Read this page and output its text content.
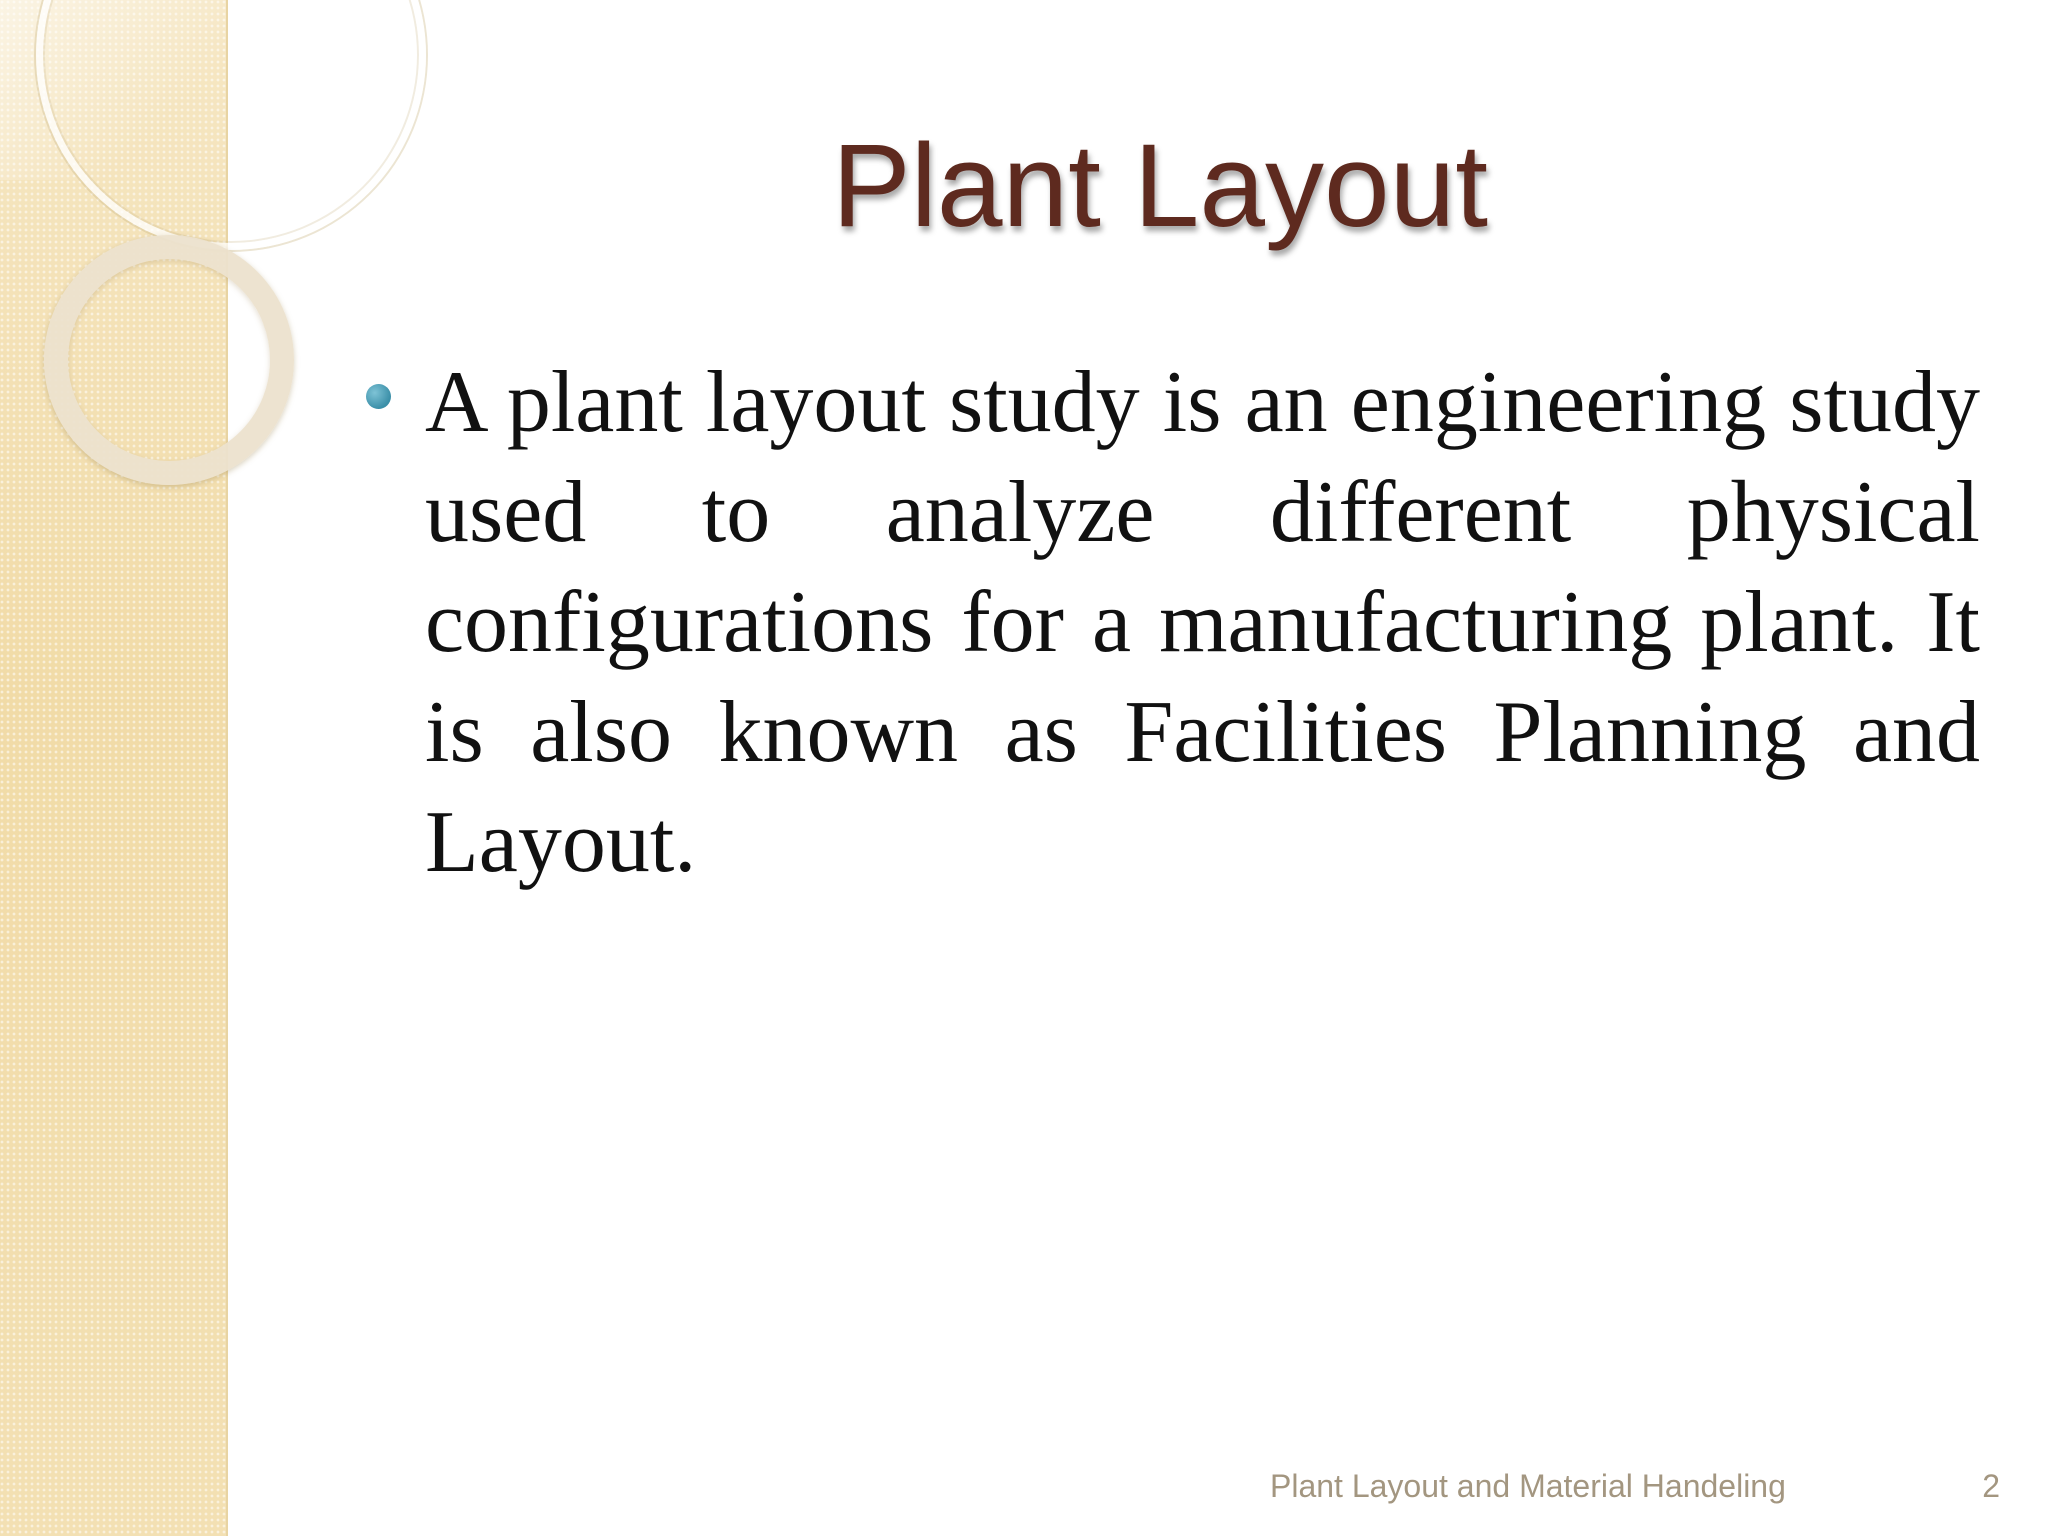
Plant Layout

A plant layout study is an engineering study used to analyze different physical configurations for a manufacturing plant. It is also known as Facilities Planning and Layout.

Plant Layout and Material Handeling	2
